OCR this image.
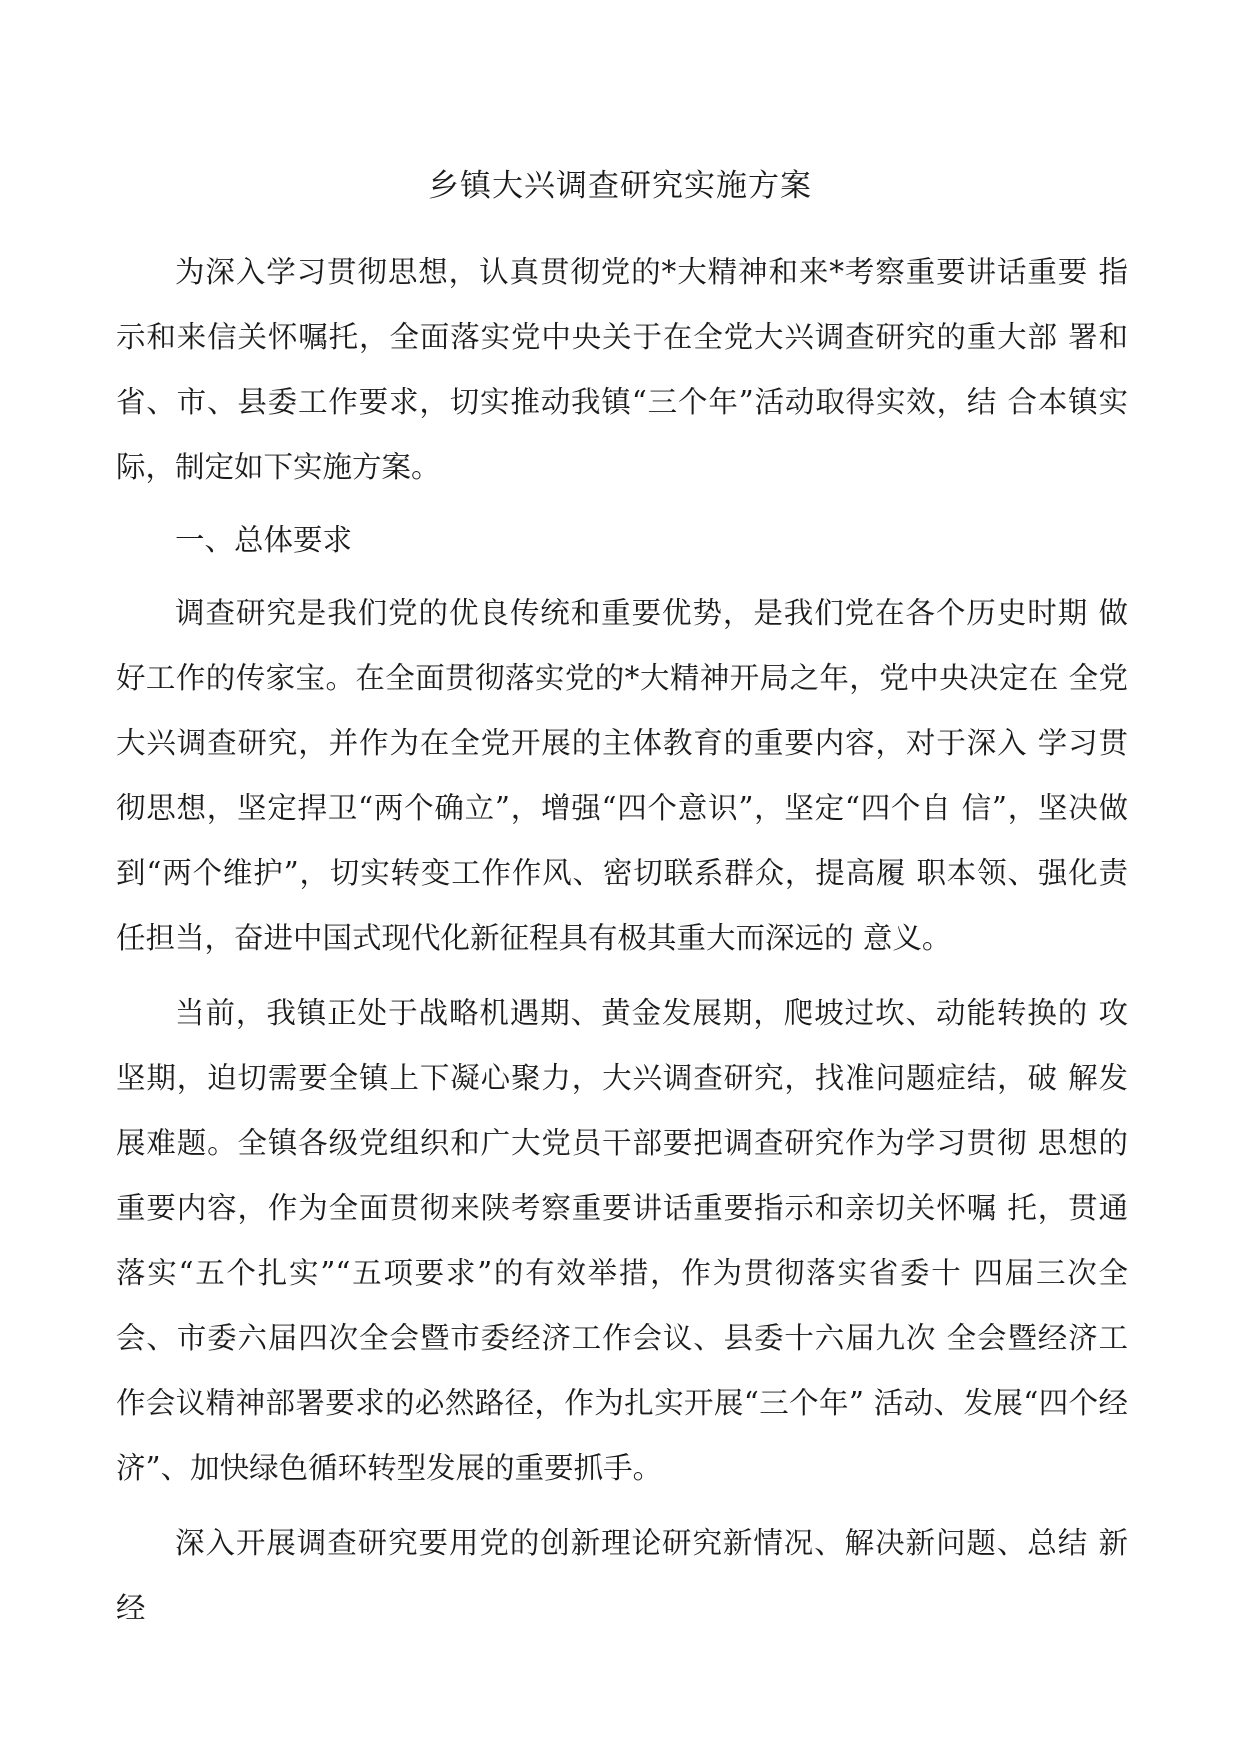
乡镇大兴调查研究实施方案

为深入学习贯彻思想，认真贯彻党的*大精神和来*考察重要讲话重要 指示和来信关怀嘱托，全面落实党中央关于在全党大兴调查研究的重大部 署和省、市、县委工作要求，切实推动我镇“三个年”活动取得实效，结 合本镇实际，制定如下实施方案。

一、总体要求

调查研究是我们党的优良传统和重要优势，是我们党在各个历史时期 做好工作的传家宝。在全面贯彻落实党的*大精神开局之年，党中央决定在 全党大兴调查研究，并作为在全党开展的主体教育的重要内容，对于深入 学习贯彻思想，坚定捍卫“两个确立”，增强“四个意识”，坚定“四个自 信”，坚决做到“两个维护”，切实转变工作作风、密切联系群众，提高履 职本领、强化责任担当，奋进中国式现代化新征程具有极其重大而深远的 意义。

当前，我镇正处于战略机遇期、黄金发展期，爬坡过坎、动能转换的 攻坚期，迫切需要全镇上下凝心聚力，大兴调查研究，找准问题症结，破 解发展难题。全镇各级党组织和广大党员干部要把调查研究作为学习贯彻 思想的重要内容，作为全面贯彻来陕考察重要讲话重要指示和亲切关怀嘱 托，贯通落实“五个扎实”“五项要求”的有效举措，作为贯彻落实省委十 四届三次全会、市委六届四次全会暨市委经济工作会议、县委十六届九次 全会暨经济工作会议精神部署要求的必然路径，作为扎实开展“三个年” 活动、发展“四个经济”、加快绿色循环转型发展的重要抓手。

深入开展调查研究要用党的创新理论研究新情况、解决新问题、总结 新经
